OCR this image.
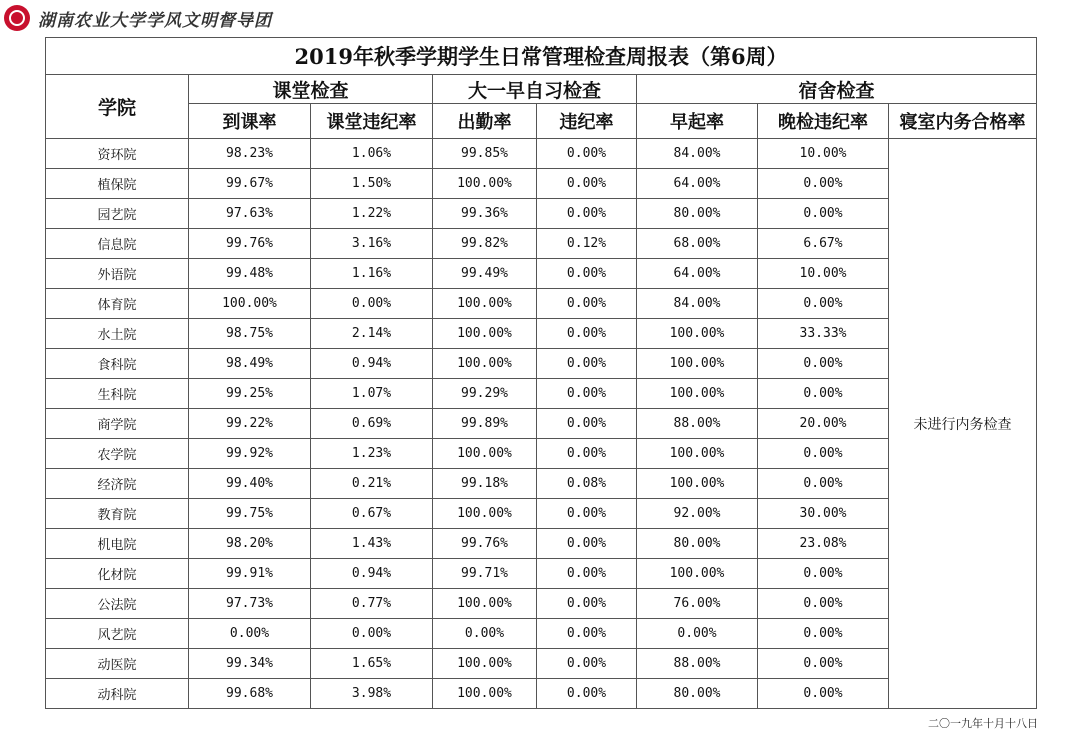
湖南农业大学学风文明督导团
2019年秋季学期学生日常管理检查周报表（第6周）							
学院	课堂检查		大一早自习检查		宿舍检查		
	到课率	课堂违纪率	出勤率	违纪率	早起率	晚检违纪率	寝室内务合格率
资环院	98.23%	1.06%	99.85%	0.00%	84.00%	10.00%	未进行内务检查
植保院	99.67%	1.50%	100.00%	0.00%	64.00%	0.00%	
园艺院	97.63%	1.22%	99.36%	0.00%	80.00%	0.00%	
信息院	99.76%	3.16%	99.82%	0.12%	68.00%	6.67%	
外语院	99.48%	1.16%	99.49%	0.00%	64.00%	10.00%	
体育院	100.00%	0.00%	100.00%	0.00%	84.00%	0.00%	
水土院	98.75%	2.14%	100.00%	0.00%	100.00%	33.33%	
食科院	98.49%	0.94%	100.00%	0.00%	100.00%	0.00%	
生科院	99.25%	1.07%	99.29%	0.00%	100.00%	0.00%	
商学院	99.22%	0.69%	99.89%	0.00%	88.00%	20.00%	
农学院	99.92%	1.23%	100.00%	0.00%	100.00%	0.00%	
经济院	99.40%	0.21%	99.18%	0.08%	100.00%	0.00%	
教育院	99.75%	0.67%	100.00%	0.00%	92.00%	30.00%	
机电院	98.20%	1.43%	99.76%	0.00%	80.00%	23.08%	
化材院	99.91%	0.94%	99.71%	0.00%	100.00%	0.00%	
公法院	97.73%	0.77%	100.00%	0.00%	76.00%	0.00%	
风艺院	0.00%	0.00%	0.00%	0.00%	0.00%	0.00%	
动医院	99.34%	1.65%	100.00%	0.00%	88.00%	0.00%	
动科院	99.68%	3.98%	100.00%	0.00%	80.00%	0.00%	
二〇一九年十月十八日
